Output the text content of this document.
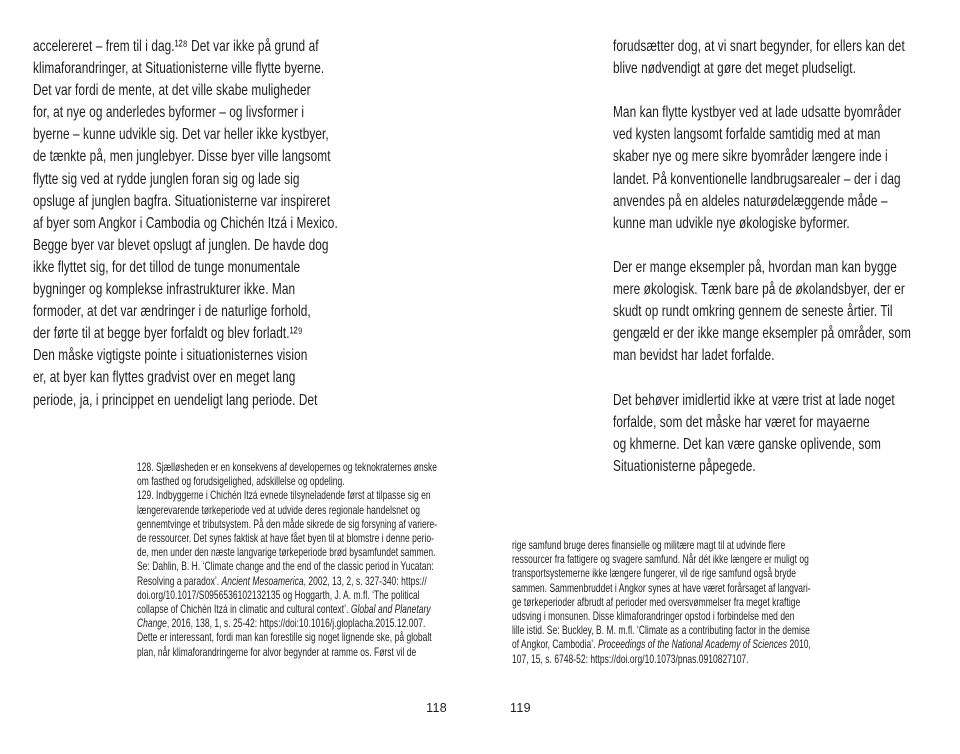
accelereret – frem til i dag.¹²⁸ Det var ikke på grund af
klimaforandringer, at Situationisterne ville flytte byerne.
Det var fordi de mente, at det ville skabe muligheder
for, at nye og anderledes byformer – og livsformer i
byerne – kunne udvikle sig. Det var heller ikke kystbyer,
de tænkte på, men junglebyer. Disse byer ville langsomt
flytte sig ved at rydde junglen foran sig og lade sig
opsluge af junglen bagfra. Situationisterne var inspireret
af byer som Angkor i Cambodia og Chichén Itzá i Mexico.
Begge byer var blevet opslugt af junglen. De havde dog
ikke flyttet sig, for det tillod de tunge monumentale
bygninger og komplekse infrastrukturer ikke. Man
formoder, at det var ændringer i de naturlige forhold,
der førte til at begge byer forfaldt og blev forladt.¹²⁹
Den måske vigtigste pointe i situationisternes vision
er, at byer kan flyttes gradvist over en meget lang
periode, ja, i princippet en uendeligt lang periode. Det
128. Sjælløsheden er en konsekvens af developernes og teknokraternes ønske
om fasthed og forudsigelighed, adskillelse og opdeling.
129. Indbyggerne i Chichén Itzá evnede tilsyneladende først at tilpasse sig en
længerevarende tørkeperiode ved at udvide deres regionale handelsnet og
gennemtvinge et tributsystem. På den måde sikrede de sig forsyning af variere-
de ressourcer. Det synes faktisk at have fået byen til at blomstre i denne perio-
de, men under den næste langvarige tørkeperiode brød bysamfundet sammen.
Se: Dahlin, B. H. ‘Climate change and the end of the classic period in Yucatan:
Resolving a paradox’. Ancient Mesoamerica, 2002, 13, 2, s. 327-340: https://
doi.org/10.1017/S0956536102132135 og Hoggarth, J. A. m.fl. ‘The political
collapse of Chichén Itzá in climatic and cultural context’. Global and Planetary
Change, 2016, 138, 1, s. 25-42: https://doi:10.1016/j.gloplacha.2015.12.007.
Dette er interessant, fordi man kan forestille sig noget lignende ske, på globalt
plan, når klimaforandringerne for alvor begynder at ramme os. Først vil de
118
forudsætter dog, at vi snart begynder, for ellers kan det
blive nødvendigt at gøre det meget pludseligt.
Man kan flytte kystbyer ved at lade udsatte byområder
ved kysten langsomt forfalde samtidig med at man
skaber nye og mere sikre byområder længere inde i
landet. På konventionelle landbrugsarealer – der i dag
anvendes på en aldeles naturødelæggende måde –
kunne man udvikle nye økologiske byformer.
Der er mange eksempler på, hvordan man kan bygge
mere økologisk. Tænk bare på de økolandsbyer, der er
skudt op rundt omkring gennem de seneste årtier. Til
gengæld er der ikke mange eksempler på områder, som
man bevidst har ladet forfalde.
Det behøver imidlertid ikke at være trist at lade noget
forfalde, som det måske har været for mayaerne
og khmerne. Det kan være ganske oplivende, som
Situationisterne påpegede.
rige samfund bruge deres finansielle og militære magt til at udvinde flere
ressourcer fra fattigere og svagere samfund. Når dét ikke længere er muligt og
transportsystemerne ikke længere fungerer, vil de rige samfund også bryde
sammen. Sammenbruddet i Angkor synes at have været forårsaget af langvari-
ge tørkeperioder afbrudt af perioder med oversvømmelser fra meget kraftige
udsving i monsunen. Disse klimaforandringer opstod i forbindelse med den
lille istid. Se: Buckley, B. M. m.fl. ‘Climate as a contributing factor in the demise
of Angkor, Cambodia’. Proceedings of the National Academy of Sciences 2010,
107, 15, s. 6748-52: https://doi.org/10.1073/pnas.0910827107.
119
